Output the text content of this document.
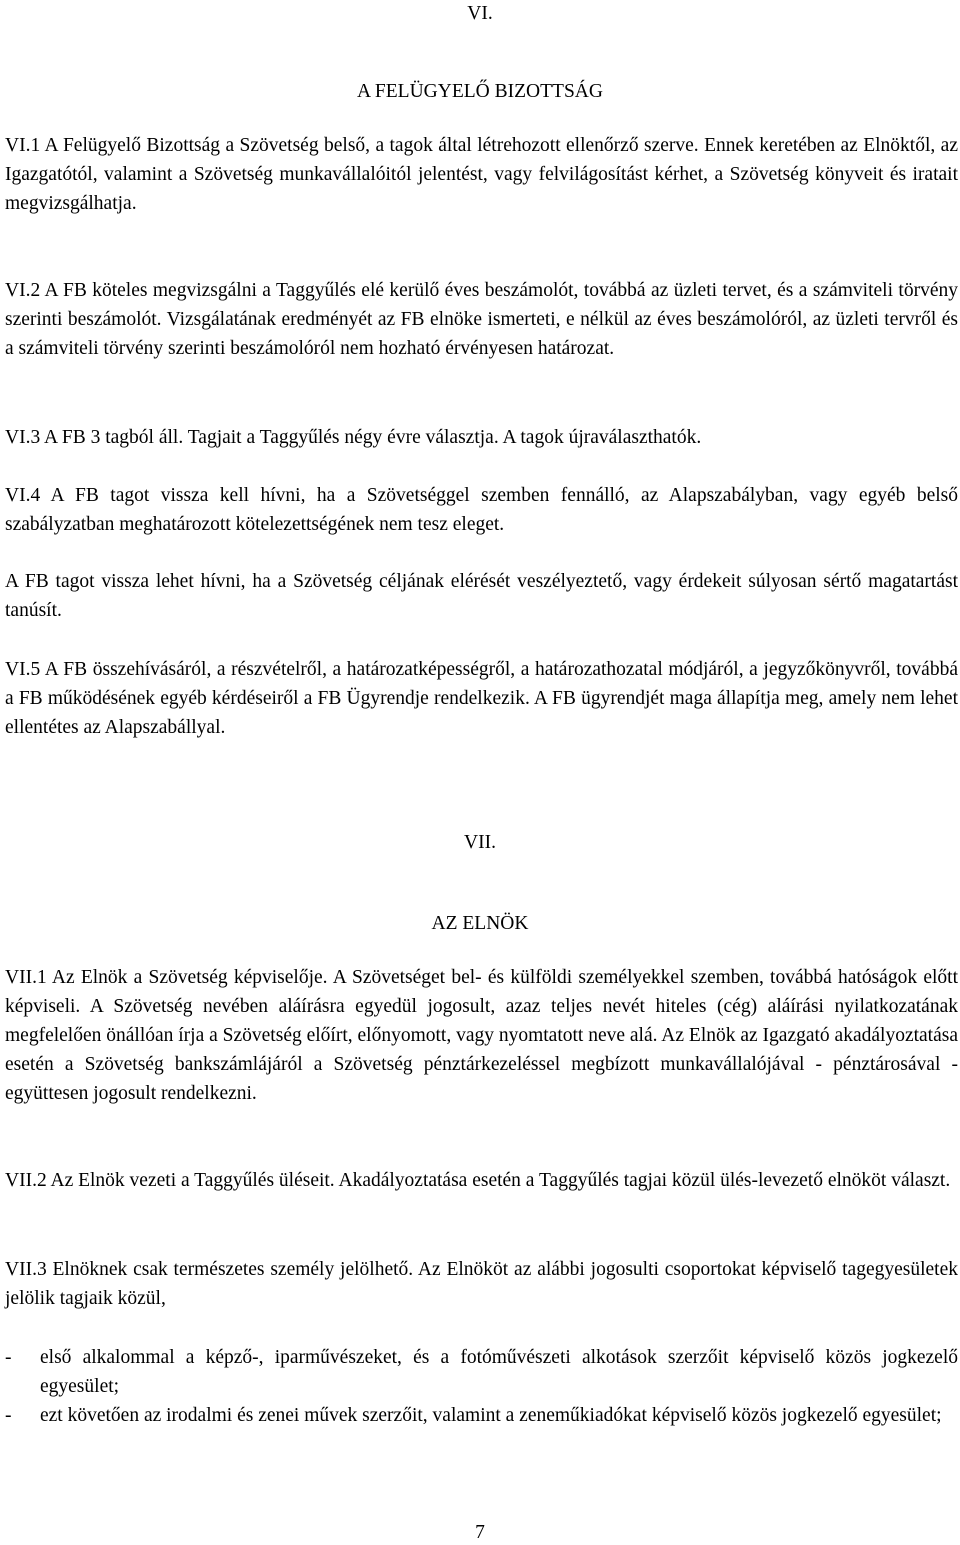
VI.
A FELÜGYELŐ BIZOTTSÁG
VI.1 A Felügyelő Bizottság a Szövetség belső, a tagok által létrehozott ellenőrző szerve. Ennek keretében az Elnöktől, az Igazgatótól, valamint a Szövetség munkavállalóitól jelentést, vagy felvilágosítást kérhet, a Szövetség könyveit és iratait megvizsgálhatja.
VI.2 A FB köteles megvizsgálni a Taggyűlés elé kerülő éves beszámolót, továbbá az üzleti tervet, és a számviteli törvény szerinti beszámolót. Vizsgálatának eredményét az FB elnöke ismerteti, e nélkül az éves beszámolóról, az üzleti tervről és a számviteli törvény szerinti beszámolóról nem hozható érvényesen határozat.
VI.3 A FB 3 tagból áll. Tagjait a Taggyűlés négy évre választja. A tagok újraválaszthatók.
VI.4 A FB tagot vissza kell hívni, ha a Szövetséggel szemben fennálló, az Alapszabályban, vagy egyéb belső szabályzatban meghatározott kötelezettségének nem tesz eleget.
A FB tagot vissza lehet hívni, ha a Szövetség céljának elérését veszélyeztető, vagy érdekeit súlyosan sértő magatartást tanúsít.
VI.5 A FB összehívásáról, a részvételről, a határozatképességről, a határozathozatal módjáról, a jegyzőkönyvről, továbbá a FB működésének egyéb kérdéseiről a FB Ügyrendje rendelkezik. A FB ügyrendjét maga állapítja meg, amely nem lehet ellentétes az Alapszabállyal.
VII.
AZ ELNÖK
VII.1 Az Elnök a Szövetség képviselője. A Szövetséget bel- és külföldi személyekkel szemben, továbbá hatóságok előtt képviseli. A Szövetség nevében aláírásra egyedül jogosult, azaz teljes nevét hiteles (cég) aláírási nyilatkozatának megfelelően önállóan írja a Szövetség előírt, előnyomott, vagy nyomtatott neve alá. Az Elnök az Igazgató akadályoztatása esetén a Szövetség bankszámlájáról a Szövetség pénztárkezeléssel megbízott munkavállalójával - pénztárosával - együttesen jogosult rendelkezni.
VII.2 Az Elnök vezeti a Taggyűlés üléseit. Akadályoztatása esetén a Taggyűlés tagjai közül ülés-levezető elnököt választ.
VII.3 Elnöknek csak természetes személy jelölhető. Az Elnököt az alábbi jogosulti csoportokat képviselő tagegyesületek jelölik tagjaik közül,
-	első alkalommal a képző-, iparművészeket, és a fotóművészeti alkotások szerzőit képviselő közös jogkezelő egyesület;
-	ezt követően az irodalmi és zenei művek szerzőit, valamint a zeneműkiadókat képviselő közös jogkezelő egyesület;
7
